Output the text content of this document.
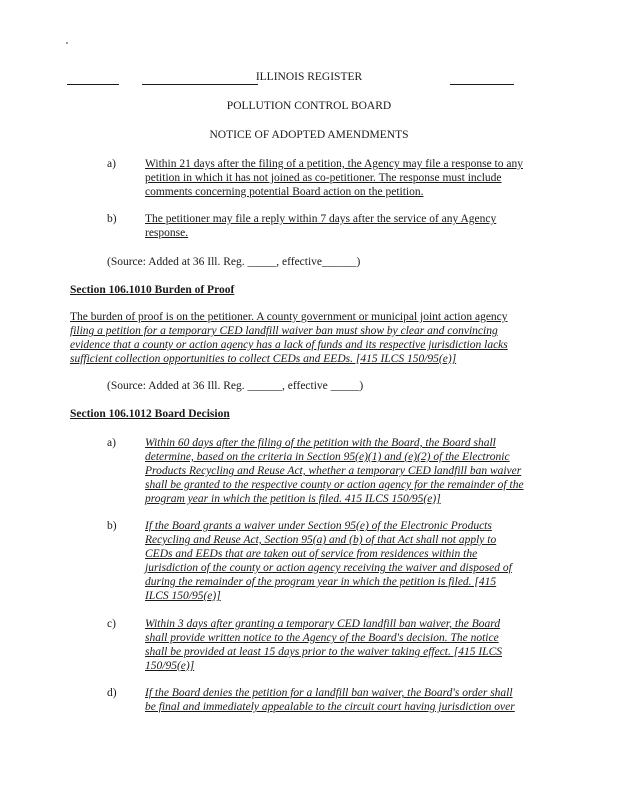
ILLINOIS REGISTER
POLLUTION CONTROL BOARD
NOTICE OF ADOPTED AMENDMENTS
a)	Within 21 days after the filing of a petition, the Agency may file a response to any
petition in which it has not joined as co-petitioner. The response must include
comments concerning potential Board action on the petition.
b) The petitioner may file a reply within 7 days after the service of any Agency
response.
(Source: Added at 36 Ill. Reg. _____, effective______)
Section 106.1010 Burden of Proof
The burden of proof is on the petitioner. A county government or municipal joint action agency
filing a petition for a temporary CED landfill waiver ban must show by clear and convincing
evidence that a county or action agency has a lack of funds and its respective jurisdiction lacks
sufficient collection opportunities to collect CEDs and EEDs. [415 ILCS 150/95(e)]
(Source: Added at 36 Ill. Reg. ______, effective _____)
Section 106.1012 Board Decision
a)	Within 60 days after the filing of the petition with the Board, the Board shall
determine, based on the criteria in Section 95(e)(1) and (e)(2) of the Electronic
Products Recycling and Reuse Act, whether a temporary CED landfill ban waiver
shall be granted to the respective county or action agency for the remainder of the
program year in which the petition is filed. 415 ILCS 150/95(e)]
b) If the Board grants a waiver under Section 95(e) of the Electronic Products
Recycling and Reuse Act, Section 95(a) and (b) of that Act shall not apply to
CEDs and EEDs that are taken out of service from residences within the
jurisdiction of the county or action agency receiving the waiver and disposed of
during the remainder of the program year in which the petition is filed. [415
ILCS 150/95(e)]
c)	Within 3 days after granting a temporary CED landfill ban waiver, the Board
shall provide written notice to the Agency of the Board's decision. The notice
shall be provided at least 15 days prior to the waiver taking effect. [415 ILCS
150/95(e)]
d) If the Board denies the petition for a landfill ban waiver, the Board's order shall
be final and immediately appealable to the circuit court having jurisdiction over
